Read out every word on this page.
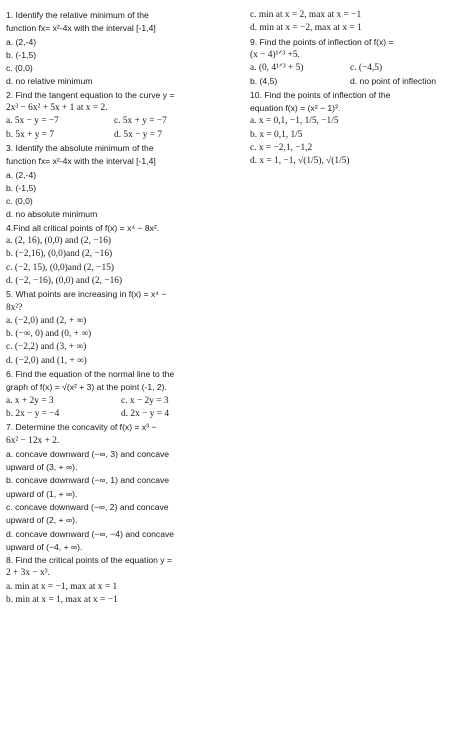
1. Identify the relative minimum of the
function fx= x²-4x with the interval [-1,4]
a. (2,-4)
b. (-1,5)
c. (0,0)
d. no relative minimum
2. Find the tangent equation to the curve y =
2x³ − 6x² + 5x + 1 at x = 2.
a. 5x − y = −7	c. 5x + y = −7
b. 5x + y = 7	d. 5x − y = 7
3. Identify the absolute minimum of the
function fx= x²-4x with the interval [-1,4]
a. (2,-4)
b. (-1,5)
c. (0,0)
d. no absolute minimum
4.Find all critical points of f(x) = x⁴ − 8x².
a. (2, 16), (0,0) and (2, −16)
b. (−2,16), (0,0)and (2, −16)
c. (−2, 15), (0,0)and (2, −15)
d. (−2, −16), (0,0) and (2, −16)
5. What points are increasing in f(x) = x⁴ −
8x²?
a. (−2,0) and (2, + ∞)
b. (−∞, 0) and (0, + ∞)
c. (−2,2) and (3, + ∞)
d. (−2,0) and (1, + ∞)
6. Find the equation of the normal line to the
graph of f(x) = √(x² + 3) at the point (-1, 2).
a. x + 2y = 3	c. x − 2y = 3
b. 2x − y = −4	d. 2x − y = 4
7. Determine the concavity of f(x) = x³ −
6x² − 12x + 2.
a. concave downward (−∞, 3) and concave
upward of (3, + ∞).
b. concave downward (−∞, 1) and concave
upward of (1, + ∞).
c. concave downward (−∞, 2) and concave
upward of (2, + ∞).
d. concave downward (−∞, −4) and concave
upward of (−4, + ∞).
8. Find the critical points of the equation y =
2 + 3x − x³.
a. min at x = −1, max at x = 1
b. min at x = 1, max at x = −1
c. min at x = 2, max at x = −1
d. min at x = −2, max at x = 1
9. Find the points of inflection of f(x) =
(x − 4)¹ᐟ³ +5.
a. (0, 4¹ᐟ³ + 5)	c. (−4,5)
b. (4,5)	d. no point of inflection
10. Find the points of inflection of the
equation f(x) = (x² − 1)³.
a. x = 0,1, −1, 1/5, −1/5
b. x = 0,1, 1/5
c. x = −2,1, −1,2
d. x = 1, −1, √(1/5), √(1/5)
